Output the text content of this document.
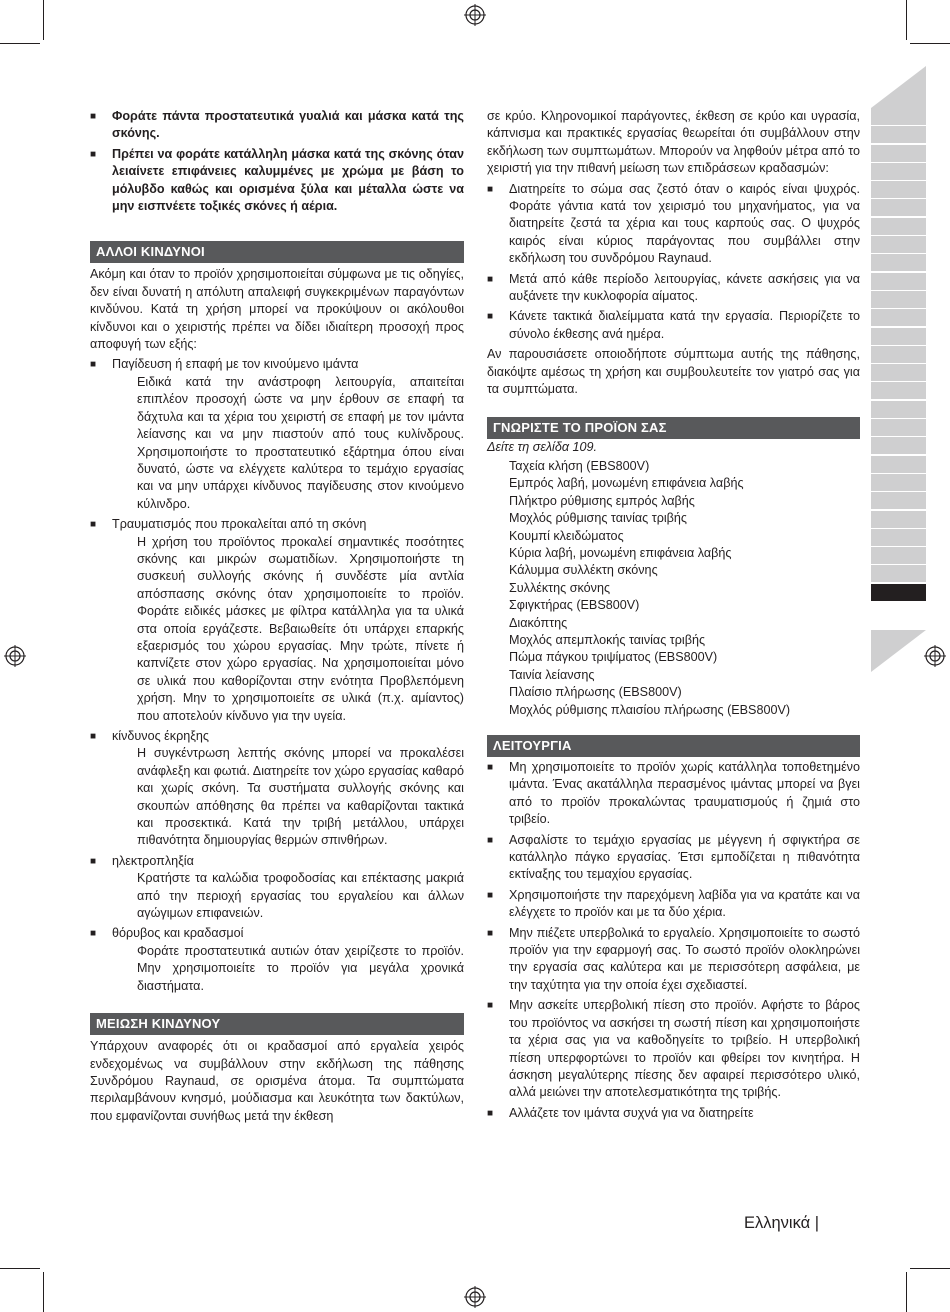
■ Φοράτε πάντα προστατευτικά γυαλιά και μάσκα κατά της σκόνης.
■ Πρέπει να φοράτε κατάλληλη μάσκα κατά της σκόνης όταν λειαίνετε επιφάνειες καλυμμένες με χρώμα με βάση το μόλυβδο καθώς και ορισμένα ξύλα και μέταλλα ώστε να μην εισπνέετε τοξικές σκόνες ή αέρια.
ΑΛΛΟΙ ΚΙΝΔΥΝΟΙ
Ακόμη και όταν το προϊόν χρησιμοποιείται σύμφωνα με τις οδηγίες, δεν είναι δυνατή η απόλυτη απαλειφή συγκεκριμένων παραγόντων κινδύνου. Κατά τη χρήση μπορεί να προκύψουν οι ακόλουθοι κίνδυνοι και ο χειριστής πρέπει να δίδει ιδιαίτερη προσοχή προς αποφυγή των εξής:
■ Παγίδευση ή επαφή με τον κινούμενο ιμάντα
Ειδικά κατά την ανάστροφη λειτουργία, απαιτείται επιπλέον προσοχή ώστε να μην έρθουν σε επαφή τα δάχτυλα και τα χέρια του χειριστή σε επαφή με τον ιμάντα λείανσης και να μην πιαστούν από τους κυλίνδρους. Χρησιμοποιήστε το προστατευτικό εξάρτημα όπου είναι δυνατό, ώστε να ελέγχετε καλύτερα το τεμάχιο εργασίας και να μην υπάρχει κίνδυνος παγίδευσης στον κινούμενο κύλινδρο.
■ Τραυματισμός που προκαλείται από τη σκόνη
Η χρήση του προϊόντος προκαλεί σημαντικές ποσότητες σκόνης και μικρών σωματιδίων. Χρησιμοποιήστε τη συσκευή συλλογής σκόνης ή συνδέστε μία αντλία απόσπασης σκόνης όταν χρησιμοποιείτε το προϊόν. Φοράτε ειδικές μάσκες με φίλτρα κατάλληλα για τα υλικά στα οποία εργάζεστε. Βεβαιωθείτε ότι υπάρχει επαρκής εξαερισμός του χώρου εργασίας. Μην τρώτε, πίνετε ή καπνίζετε στον χώρο εργασίας. Να χρησιμοποιείται μόνο σε υλικά που καθορίζονται στην ενότητα Προβλεπόμενη χρήση. Μην το χρησιμοποιείτε σε υλικά (π.χ. αμίαντος) που αποτελούν κίνδυνο για την υγεία.
■ κίνδυνος έκρηξης
Η συγκέντρωση λεπτής σκόνης μπορεί να προκαλέσει ανάφλεξη και φωτιά. Διατηρείτε τον χώρο εργασίας καθαρό και χωρίς σκόνη. Τα συστήματα συλλογής σκόνης και σκουπών απόθησης θα πρέπει να καθαρίζονται τακτικά και προσεκτικά. Κατά την τριβή μετάλλου, υπάρχει πιθανότητα δημιουργίας θερμών σπινθήρων.
■ ηλεκτροπληξία
Κρατήστε τα καλώδια τροφοδοσίας και επέκτασης μακριά από την περιοχή εργασίας του εργαλείου και άλλων αγώγιμων επιφανειών.
■ θόρυβος και κραδασμοί
Φοράτε προστατευτικά αυτιών όταν χειρίζεστε το προϊόν. Μην χρησιμοποιείτε το προϊόν για μεγάλα χρονικά διαστήματα.
ΜΕΙΩΣΗ ΚΙΝΔΥΝΟΥ
Υπάρχουν αναφορές ότι οι κραδασμοί από εργαλεία χειρός ενδεχομένως να συμβάλλουν στην εκδήλωση της πάθησης Συνδρόμου Raynaud, σε ορισμένα άτομα. Τα συμπτώματα περιλαμβάνουν κνησμό, μούδιασμα και λευκότητα των δακτύλων, που εμφανίζονται συνήθως μετά την έκθεση
σε κρύο. Κληρονομικοί παράγοντες, έκθεση σε κρύο και υγρασία, κάπνισμα και πρακτικές εργασίας θεωρείται ότι συμβάλλουν στην εκδήλωση των συμπτωμάτων. Μπορούν να ληφθούν μέτρα από το χειριστή για την πιθανή μείωση των επιδράσεων κραδασμών:
■ Διατηρείτε το σώμα σας ζεστό όταν ο καιρός είναι ψυχρός. Φοράτε γάντια κατά τον χειρισμό του μηχανήματος, για να διατηρείτε ζεστά τα χέρια και τους καρπούς σας. Ο ψυχρός καιρός είναι κύριος παράγοντας που συμβάλλει στην εκδήλωση του συνδρόμου Raynaud.
■ Μετά από κάθε περίοδο λειτουργίας, κάνετε ασκήσεις για να αυξάνετε την κυκλοφορία αίματος.
■ Κάνετε τακτικά διαλείμματα κατά την εργασία. Περιορίζετε το σύνολο έκθεσης ανά ημέρα.
Αν παρουσιάσετε οποιοδήποτε σύμπτωμα αυτής της πάθησης, διακόψτε αμέσως τη χρήση και συμβουλευτείτε τον γιατρό σας για τα συμπτώματα.
ΓΝΩΡΙΣΤΕ ΤΟ ΠΡΟΪΟΝ ΣΑΣ
Δείτε τη σελίδα 109.
Ταχεία κλήση (EBS800V)
Εμπρός λαβή, μονωμένη επιφάνεια λαβής
Πλήκτρο ρύθμισης εμπρός λαβής
Μοχλός ρύθμισης ταινίας τριβής
Κουμπί κλειδώματος
Κύρια λαβή, μονωμένη επιφάνεια λαβής
Κάλυμμα συλλέκτη σκόνης
Συλλέκτης σκόνης
Σφιγκτήρας (EBS800V)
Διακόπτης
Μοχλός απεμπλοκής ταινίας τριβής
Πώμα πάγκου τριψίματος (EBS800V)
Ταινία λείανσης
Πλαίσιο πλήρωσης (EBS800V)
Μοχλός ρύθμισης πλαισίου πλήρωσης (EBS800V)
ΛΕΙΤΟΥΡΓΙΑ
■ Μη χρησιμοποιείτε το προϊόν χωρίς κατάλληλα τοποθετημένο ιμάντα. Ένας ακατάλληλα περασμένος ιμάντας μπορεί να βγει από το προϊόν προκαλώντας τραυματισμούς ή ζημιά στο τριβείο.
■ Ασφαλίστε το τεμάχιο εργασίας με μέγγενη ή σφιγκτήρα σε κατάλληλο πάγκο εργασίας. Έτσι εμποδίζεται η πιθανότητα εκτίναξης του τεμαχίου εργασίας.
■ Χρησιμοποιήστε την παρεχόμενη λαβίδα για να κρατάτε και να ελέγχετε το προϊόν και με τα δύο χέρια.
■ Μην πιέζετε υπερβολικά το εργαλείο. Χρησιμοποιείτε το σωστό προϊόν για την εφαρμογή σας. Το σωστό προϊόν ολοκληρώνει την εργασία σας καλύτερα και με περισσότερη ασφάλεια, με την ταχύτητα για την οποία έχει σχεδιαστεί.
■ Μην ασκείτε υπερβολική πίεση στο προϊόν. Αφήστε το βάρος του προϊόντος να ασκήσει τη σωστή πίεση και χρησιμοποιήστε τα χέρια σας για να καθοδηγείτε το τριβείο. Η υπερβολική πίεση υπερφορτώνει το προϊόν και φθείρει τον κινητήρα. Η άσκηση μεγαλύτερης πίεσης δεν αφαιρεί περισσότερο υλικό, αλλά μειώνει την αποτελεσματικότητα της τριβής.
■ Αλλάζετε τον ιμάντα συχνά για να διατηρείτε
Ελληνικά |
